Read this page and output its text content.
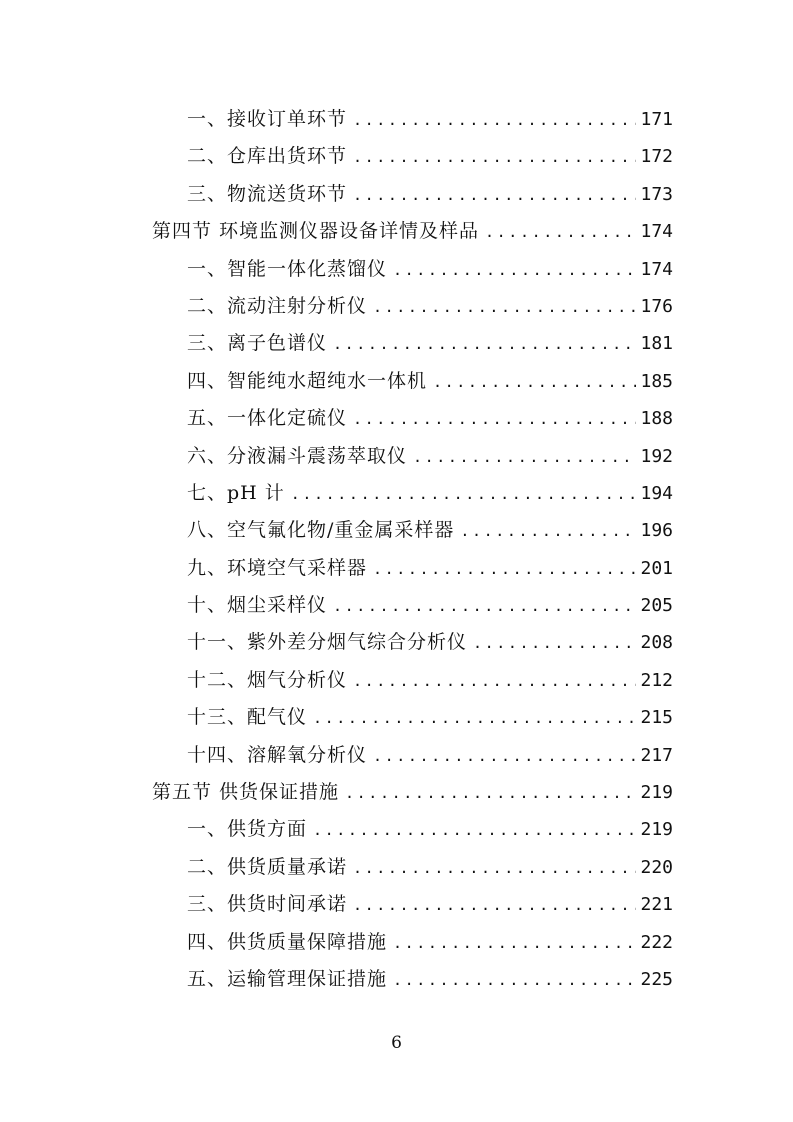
一、接收订单环节 .....	171
二、仓库出货环节 .....	172
三、物流送货环节 .....	173
第四节 环境监测仪器设备详情及样品 .....	174
一、智能一体化蒸馏仪 .....	174
二、流动注射分析仪 .....	176
三、离子色谱仪 .....	181
四、智能纯水超纯水一体机 .....	185
五、一体化定硫仪 .....	188
六、分液漏斗震荡萃取仪 .....	192
七、pH 计 .....	194
八、空气氟化物/重金属采样器 .....	196
九、环境空气采样器 .....	201
十、烟尘采样仪 .....	205
十一、紫外差分烟气综合分析仪 .....	208
十二、烟气分析仪 .....	212
十三、配气仪 .....	215
十四、溶解氧分析仪 .....	217
第五节 供货保证措施 .....	219
一、供货方面 .....	219
二、供货质量承诺 .....	220
三、供货时间承诺 .....	221
四、供货质量保障措施 .....	222
五、运输管理保证措施 .....	225
6
